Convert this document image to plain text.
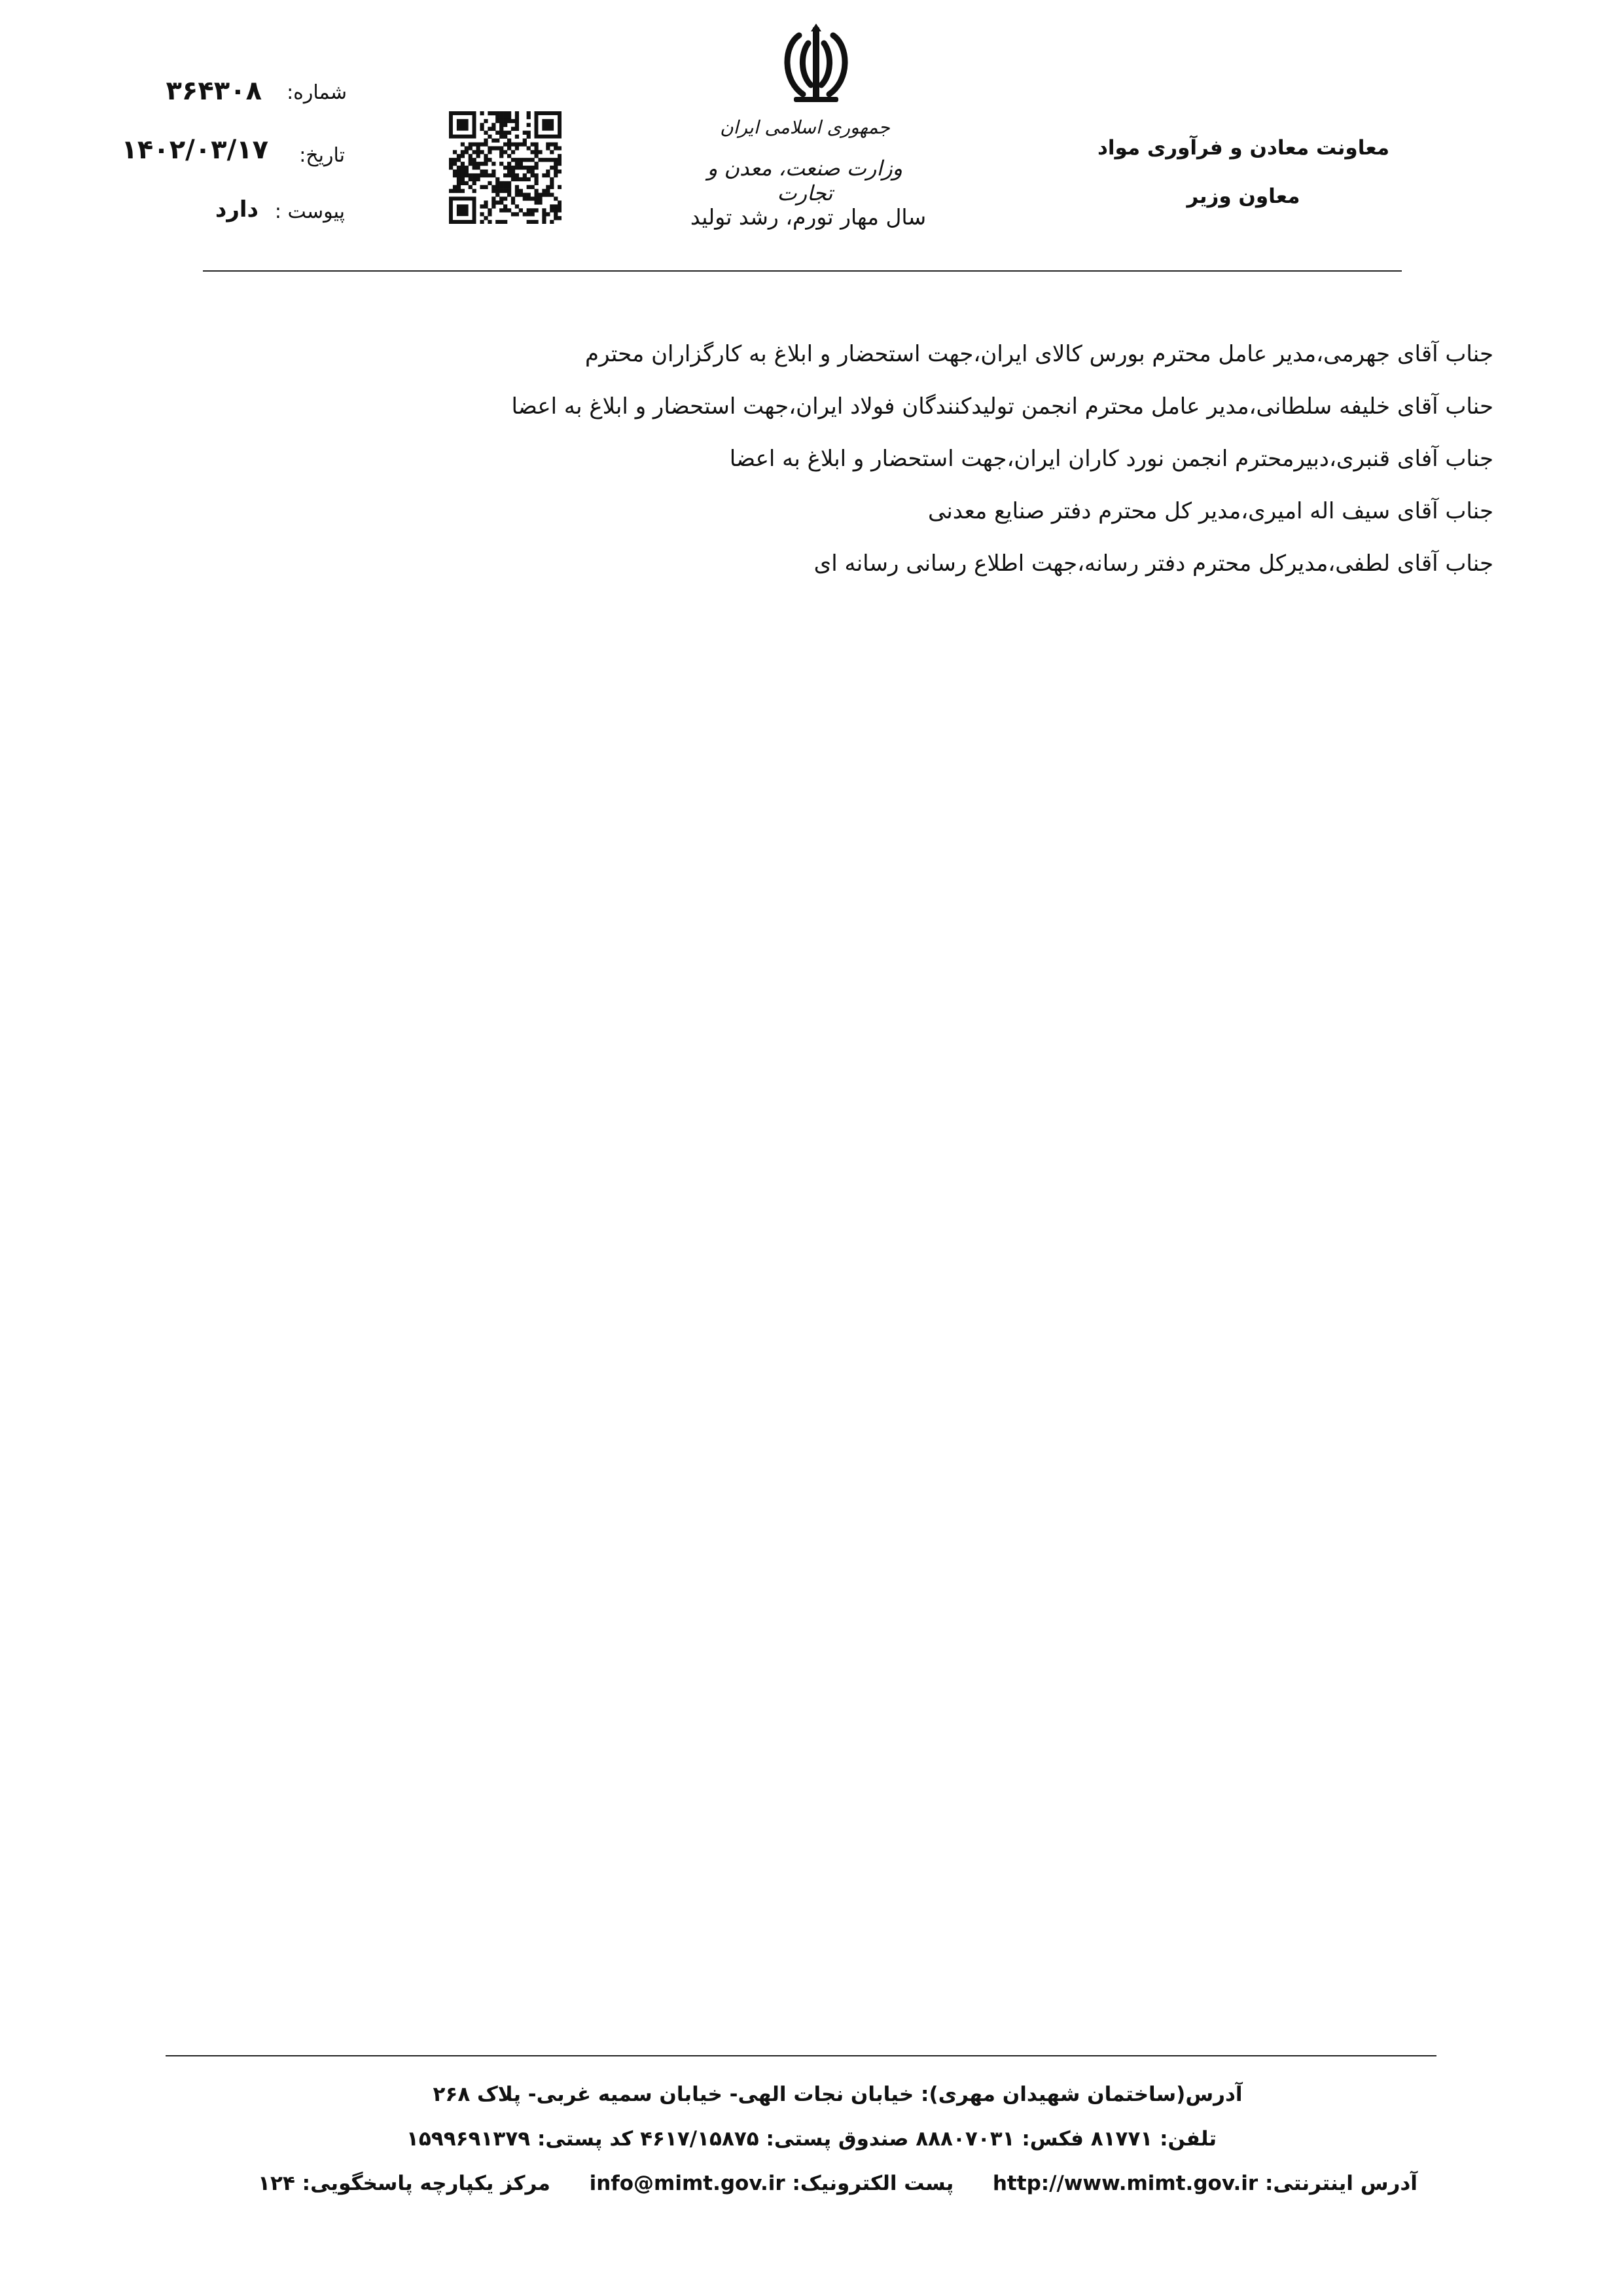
معاونت معادن و فرآوری مواد
معاون وزیر
جمهوری اسلامی ایران
وزارت صنعت، معدن و تجارت
سال مهار تورم، رشد تولید
شماره:
۳۶۴۳۰۸
تاریخ:
۱۴۰۲/۰۳/۱۷
پیوست :
دارد
جناب آقای جهرمی،مدیر عامل محترم بورس کالای ایران،جهت استحضار و ابلاغ به کارگزاران محترم
حناب آقای خلیفه سلطانی،مدیر عامل محترم انجمن تولیدکنندگان فولاد ایران،جهت استحضار و ابلاغ به اعضا
جناب آفای قنبری،دبیرمحترم انجمن نورد کاران ایران،جهت استحضار و ابلاغ به اعضا
جناب آقای سیف اله امیری،مدیر کل محترم دفتر صنایع معدنی
جناب آقای لطفی،مدیرکل محترم دفتر رسانه،جهت اطلاع رسانی رسانه ای
آدرس(ساختمان شهیدان مهری): خیابان نجات الهی- خیابان سمیه غربی- پلاک ۲۶۸
تلفن: ۸۱۷۷۱ فکس: ۸۸۸۰۷۰۳۱ صندوق پستی: ۴۶۱۷/۱۵۸۷۵ کد پستی: ۱۵۹۹۶۹۱۳۷۹
آدرس اینترنتی: http://www.mimt.gov.ir  پست الکترونیک: info@mimt.gov.ir  مرکز یکپارچه پاسخگویی: ۱۲۴
